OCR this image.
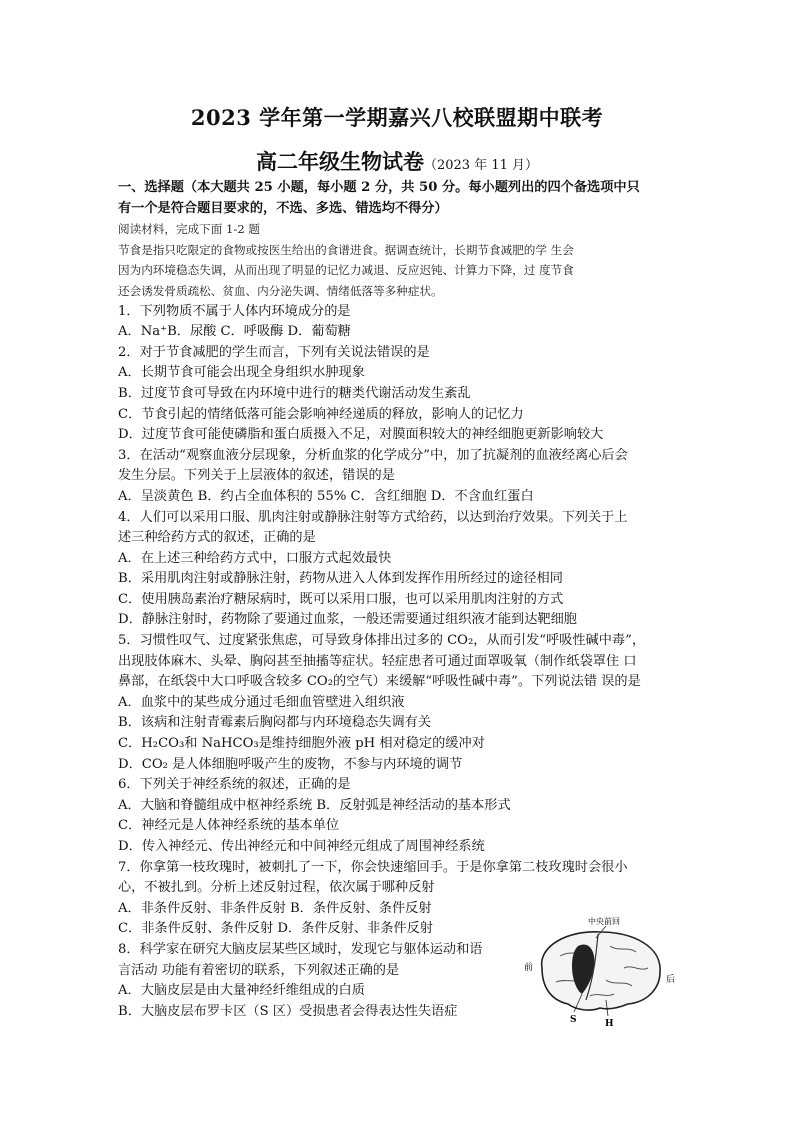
2023 学年第一学期嘉兴八校联盟期中联考
高二年级生物试卷（2023 年 11 月）

一、选择题（本大题共 25 小题，每小题 2 分，共 50 分。每小题列出的四个备选项中只

有一个是符合题目要求的，不选、多选、错选均不得分）

阅读材料，完成下面 1-2 题

节食是指只吃限定的食物或按医生给出的食谱进食。据调查统计，长期节食减肥的学 生会

因为内环境稳态失调，从而出现了明显的记忆力减退、反应迟钝、计算力下降，过 度节食

还会诱发骨质疏松、贫血、内分泌失调、情绪低落等多种症状。

1．下列物质不属于人体内环境成分的是

A．Na⁺B．尿酸 C．呼吸酶 D．葡萄糖

2．对于节食减肥的学生而言，下列有关说法错误的是

A．长期节食可能会出现全身组织水肿现象

B．过度节食可导致在内环境中进行的糖类代谢活动发生紊乱

C．节食引起的情绪低落可能会影响神经递质的释放，影响人的记忆力

D．过度节食可能使磷脂和蛋白质摄入不足，对膜面积较大的神经细胞更新影响较大

3．在活动“观察血液分层现象，分析血浆的化学成分”中，加了抗凝剂的血液经离心后会

发生分层。下列关于上层液体的叙述，错误的是

A．呈淡黄色 B．约占全血体积的 55% C．含红细胞 D．不含血红蛋白

4．人们可以采用口服、肌肉注射或静脉注射等方式给药，以达到治疗效果。下列关于上

述三种给药方式的叙述，正确的是

A．在上述三种给药方式中，口服方式起效最快

B．采用肌肉注射或静脉注射，药物从进入人体到发挥作用所经过的途径相同

C．使用胰岛素治疗糖尿病时，既可以采用口服，也可以采用肌肉注射的方式

D．静脉注射时，药物除了要通过血浆，一般还需要通过组织液才能到达靶细胞

5．习惯性叹气、过度紧张焦虑，可导致身体排出过多的 CO₂，从而引发“呼吸性碱中毒”，

出现肢体麻木、头晕、胸闷甚至抽搐等症状。轻症患者可通过面罩吸氧（制作纸袋罩住 口

鼻部，在纸袋中大口呼吸含较多 CO₂的空气）来缓解“呼吸性碱中毒”。下列说法错 误的是

A．血浆中的某些成分通过毛细血管壁进入组织液

B．该病和注射青霉素后胸闷都与内环境稳态失调有关

C．H₂CO₃和 NaHCO₃是维持细胞外液 pH 相对稳定的缓冲对

D．CO₂ 是人体细胞呼吸产生的废物，不参与内环境的调节

6．下列关于神经系统的叙述，正确的是

A．大脑和脊髓组成中枢神经系统 B．反射弧是神经活动的基本形式

C．神经元是人体神经系统的基本单位

D．传入神经元、传出神经元和中间神经元组成了周围神经系统

7．你拿第一枝玫瑰时，被刺扎了一下，你会快速缩回手。于是你拿第二枝玫瑰时会很小

心，不被扎到。分析上述反射过程，依次属于哪种反射

A．非条件反射、非条件反射 B．条件反射、条件反射

C．非条件反射、条件反射 D．条件反射、非条件反射

8．科学家在研究大脑皮层某些区域时，发现它与躯体运动和语

言活动 功能有着密切的联系，下列叙述正确的是

A．大脑皮层是由大量神经纤维组成的白质

B．大脑皮层布罗卡区（S 区）受损患者会得表达性失语症

中央前回
前
后
S	H
